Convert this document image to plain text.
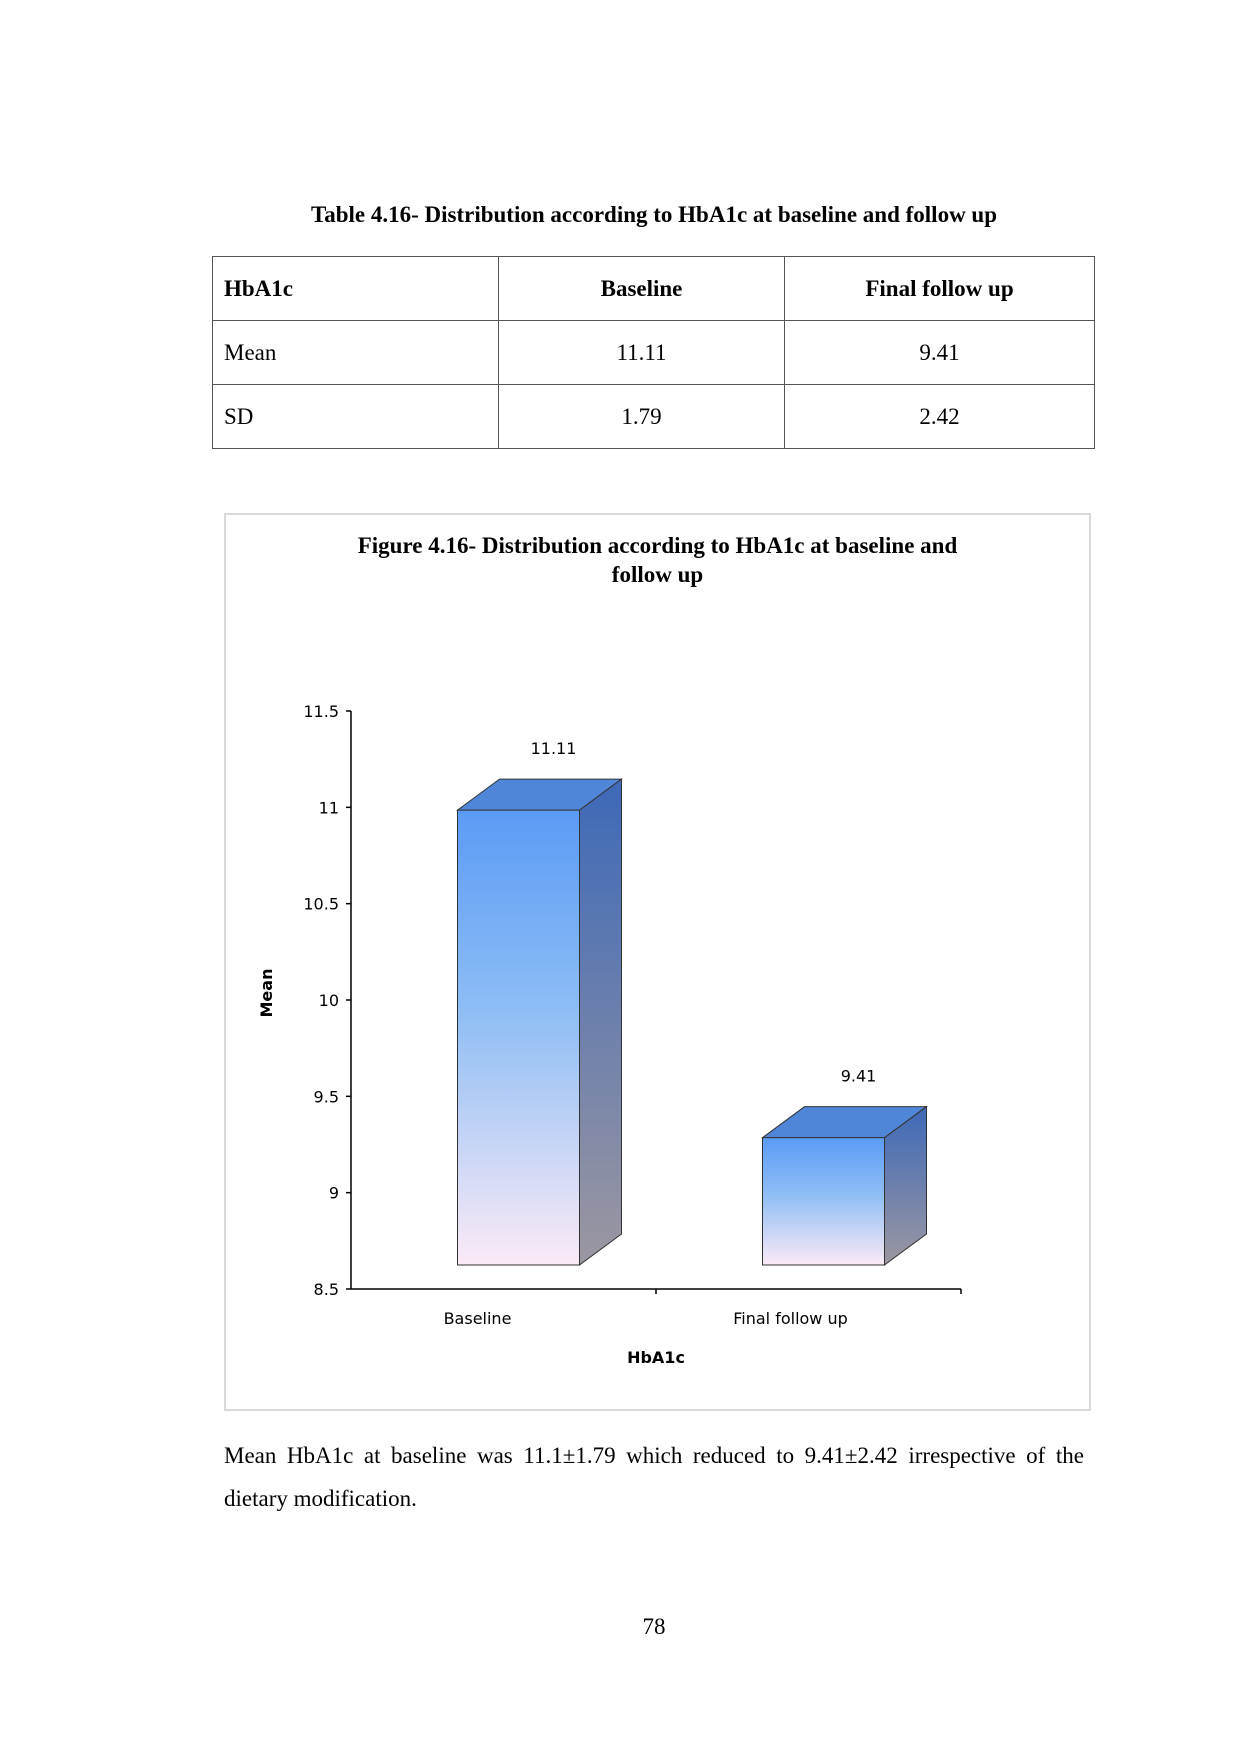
Table 4.16- Distribution according to HbA1c at baseline and follow up
HbA1c	Baseline	Final follow up
Mean	11.11	9.41
SD	1.79	2.42
Figure 4.16- Distribution according to HbA1c at baseline and
follow up
8.5
9
9.5
10
10.5
11
11.5
11.11
Baseline
9.41
Final follow up
HbA1c
Mean
Mean HbA1c at baseline was 11.1±1.79 which reduced to 9.41±2.42 irrespective of the dietary modification.
78
